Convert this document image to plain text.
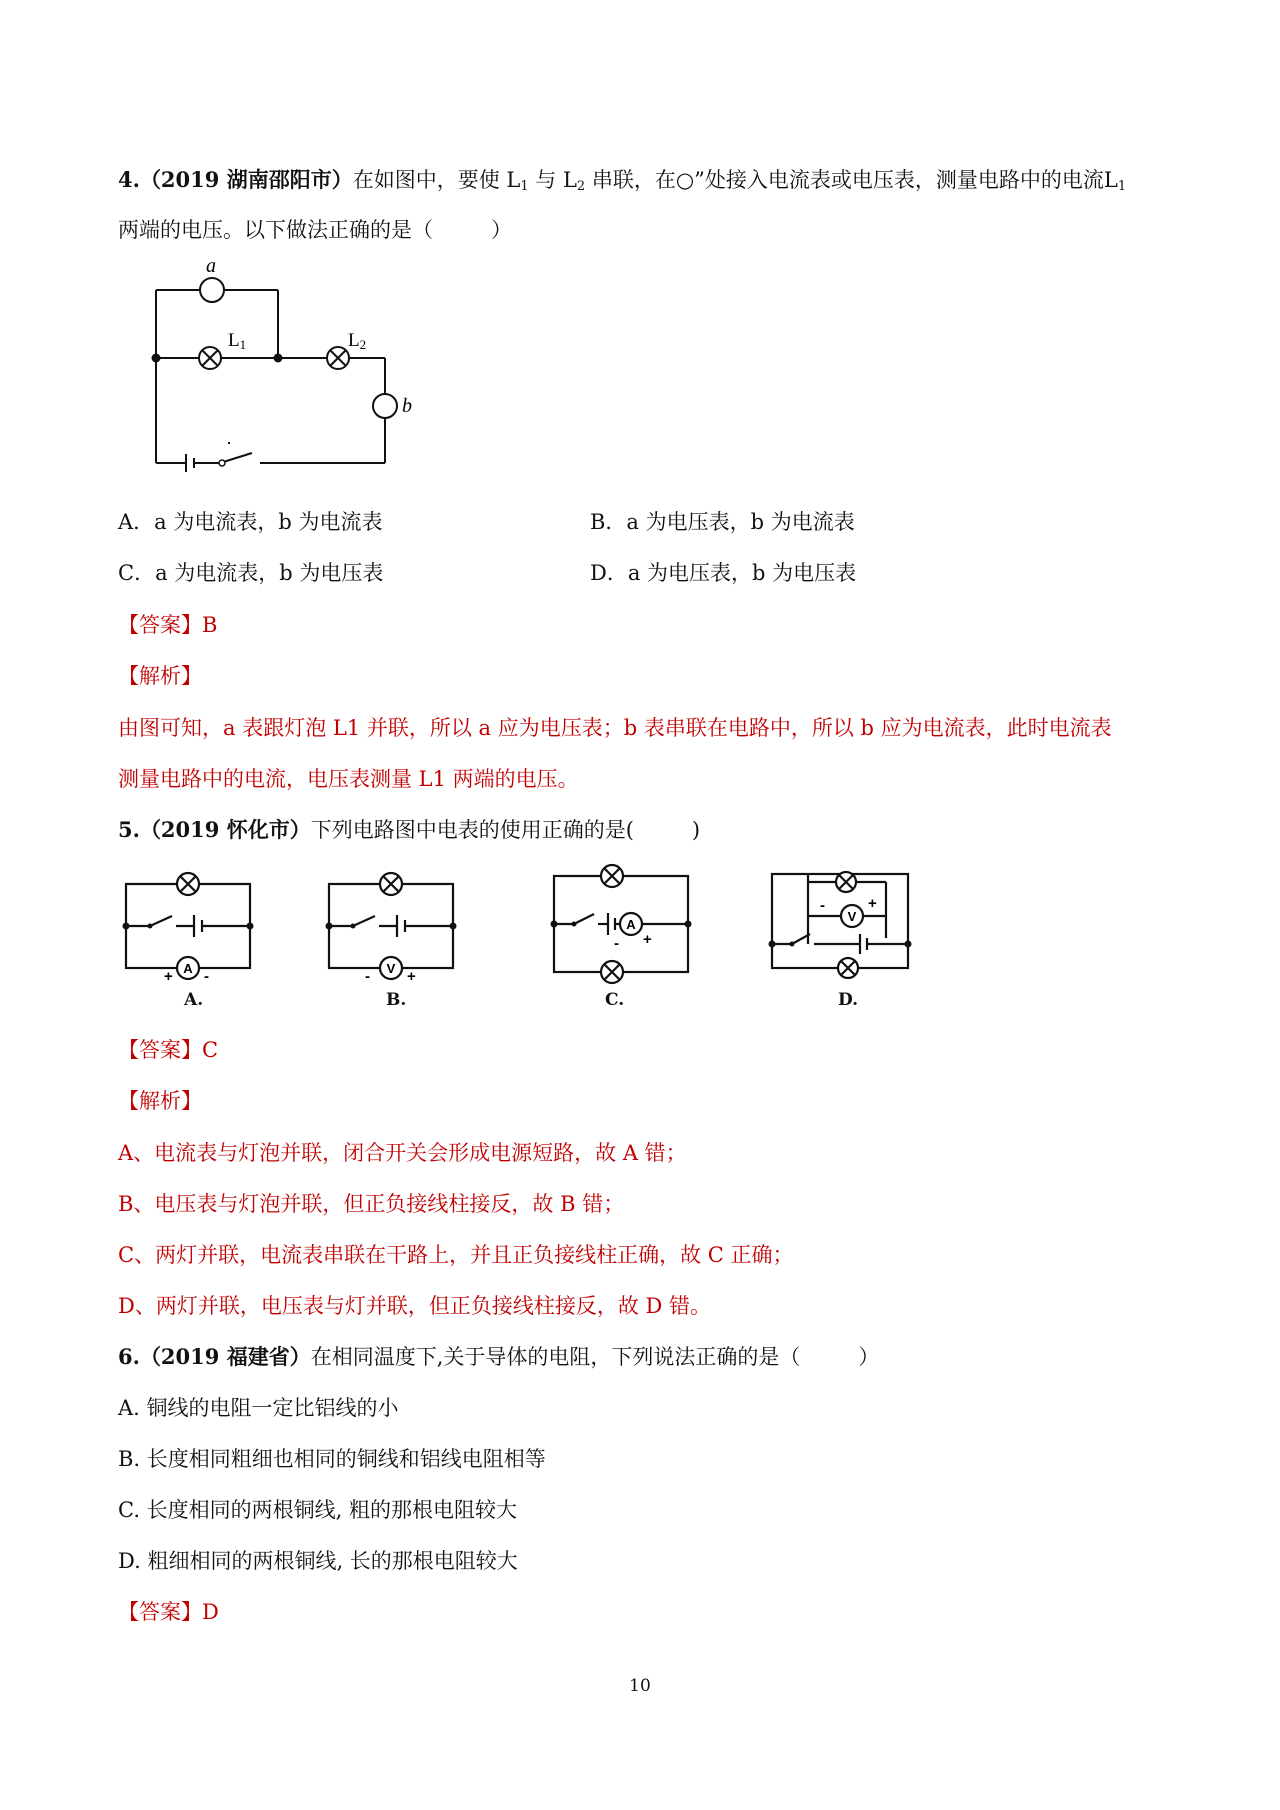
4.（2019 湖南邵阳市）在如图中，要使 $L_1$ 与 $L_2$ 串联，在○”处接入电流表或电压表，测量电路中的电流$L_1$
两端的电压。以下做法正确的是（	）
a
b
L1	L2
A．a 为电流表，b 为电流表	B．a 为电压表，b 为电流表
C．a 为电流表，b 为电压表	D．a 为电压表，b 为电压表
【答案】B
【解析】
由图可知，a 表跟灯泡 L1 并联，所以 a 应为电压表；b 表串联在电路中，所以 b 应为电流表，此时电流表
测量电路中的电流，电压表测量 L1 两端的电压。
5.（2019 怀化市）下列电路图中电表的使用正确的是(	)
A
+ -
A.
V
- +
B.
A
- +
C.
V
-	+
D.
【答案】C
【解析】
A、电流表与灯泡并联，闭合开关会形成电源短路，故 A 错；
B、电压表与灯泡并联，但正负接线柱接反，故 B 错；
C、两灯并联，电流表串联在干路上，并且正负接线柱正确，故 C 正确；
D、两灯并联，电压表与灯并联，但正负接线柱接反，故 D 错。
6.（2019 福建省）在相同温度下,关于导体的电阻，下列说法正确的是（	）
A. 铜线的电阻一定比铝线的小
B. 长度相同粗细也相同的铜线和铝线电阻相等
C. 长度相同的两根铜线, 粗的那根电阻较大
D. 粗细相同的两根铜线, 长的那根电阻较大
【答案】D
10
